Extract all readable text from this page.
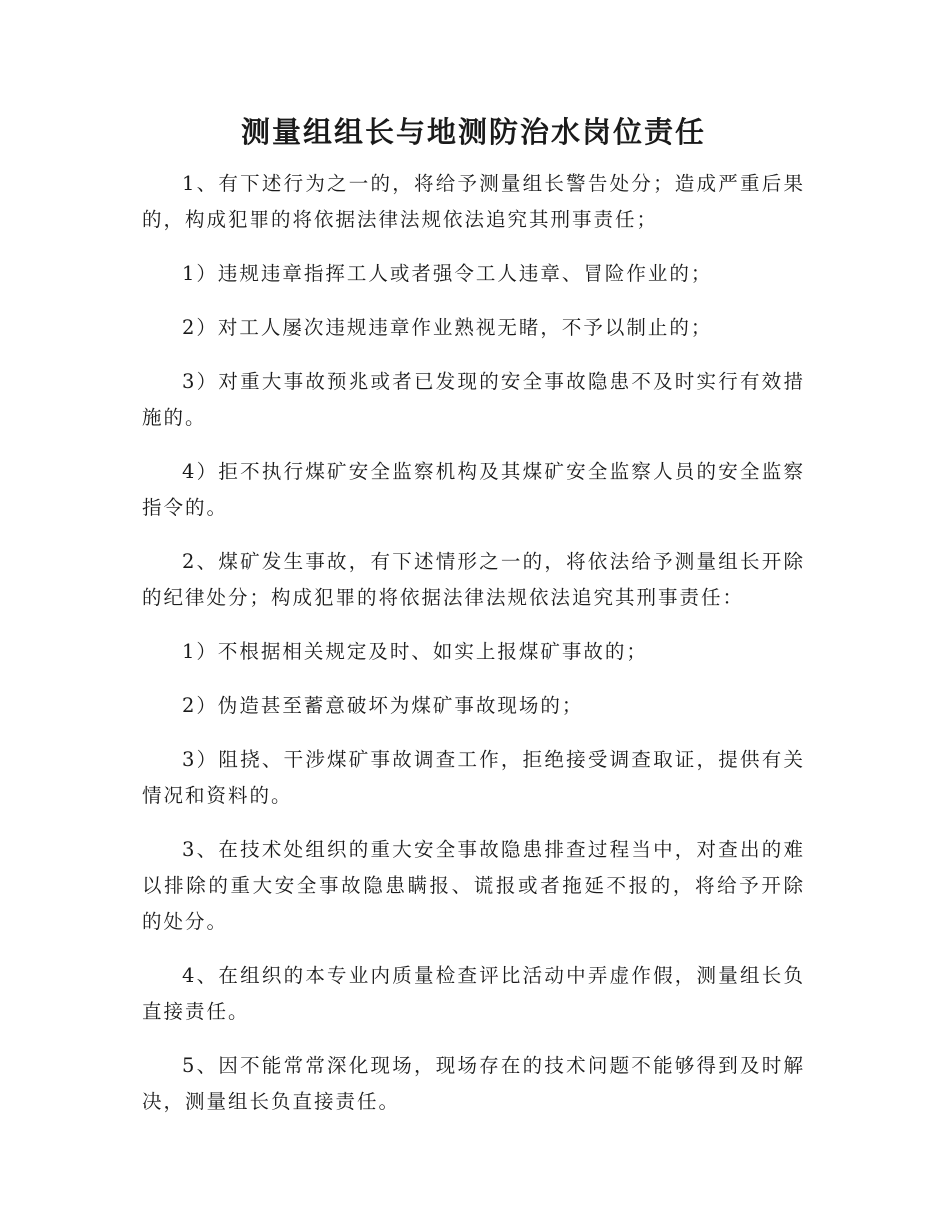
测量组组长与地测防治水岗位责任

1、有下述行为之一的，将给予测量组长警告处分；造成严重后果的，构成犯罪的将依据法律法规依法追究其刑事责任；

1）违规违章指挥工人或者强令工人违章、冒险作业的；

2）对工人屡次违规违章作业熟视无睹，不予以制止的；

3）对重大事故预兆或者已发现的安全事故隐患不及时实行有效措施的。

4）拒不执行煤矿安全监察机构及其煤矿安全监察人员的安全监察指令的。

2、煤矿发生事故，有下述情形之一的，将依法给予测量组长开除的纪律处分；构成犯罪的将依据法律法规依法追究其刑事责任：

1）不根据相关规定及时、如实上报煤矿事故的；

2）伪造甚至蓄意破坏为煤矿事故现场的；

3）阻挠、干涉煤矿事故调查工作，拒绝接受调查取证，提供有关情况和资料的。

3、在技术处组织的重大安全事故隐患排查过程当中，对查出的难以排除的重大安全事故隐患瞒报、谎报或者拖延不报的，将给予开除的处分。

4、在组织的本专业内质量检查评比活动中弄虚作假，测量组长负直接责任。

5、因不能常常深化现场，现场存在的技术问题不能够得到及时解决，测量组长负直接责任。
